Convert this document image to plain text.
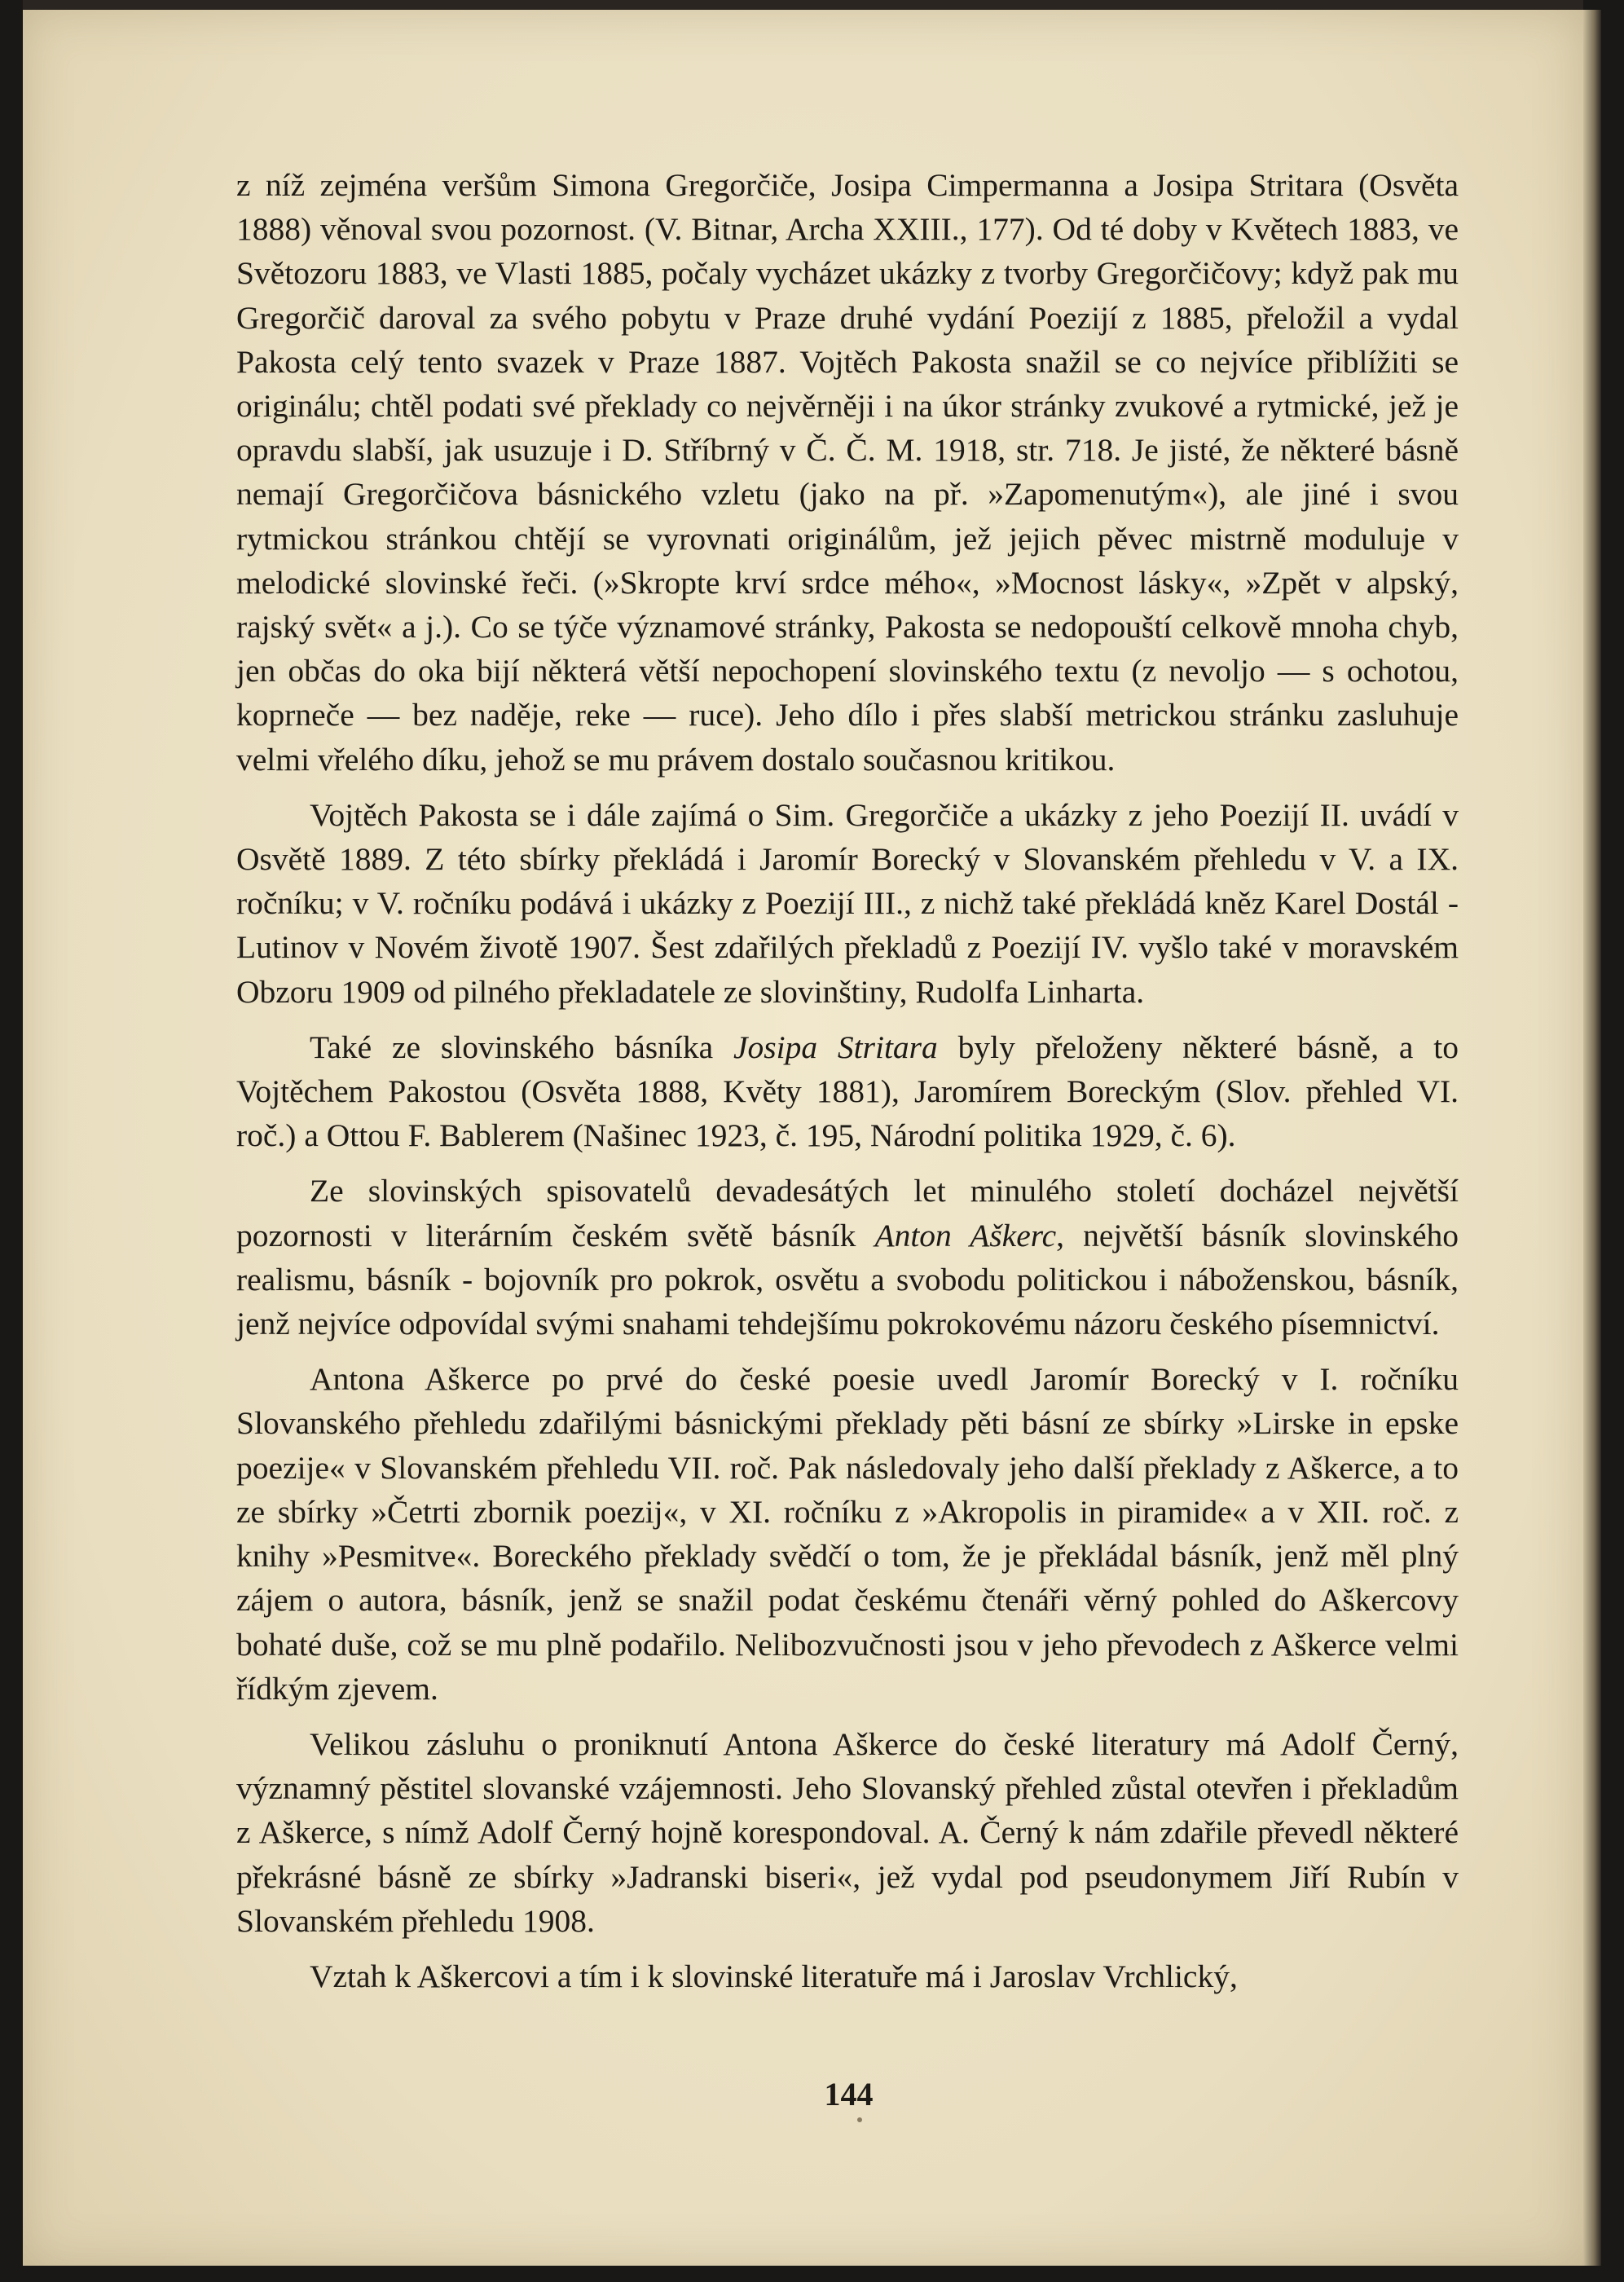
z níž zejména veršům Simona Gregorčiče, Josipa Cimpermanna a Josipa Stritara (Osvěta 1888) věnoval svou pozornost. (V. Bitnar, Archa XXIII., 177). Od té doby v Květech 1883, ve Světozoru 1883, ve Vlasti 1885, počaly vycházet ukázky z tvorby Gregorčičovy; když pak mu Gregorčič daroval za svého pobytu v Praze druhé vydání Poezijí z 1885, přeložil a vydal Pakosta celý tento svazek v Praze 1887. Vojtěch Pakosta snažil se co nejvíce přiblížiti se originálu; chtěl podati své překlady co nejvěrněji i na úkor stránky zvukové a rytmické, jež je opravdu slabší, jak usuzuje i D. Stříbrný v Č. Č. M. 1918, str. 718. Je jisté, že některé básně nemají Gregorčičova básnického vzletu (jako na př. »Zapomenutým«), ale jiné i svou rytmickou stránkou chtějí se vyrovnati originálům, jež jejich pěvec mistrně moduluje v melodické slovinské řeči. (»Skropte krví srdce mého«, »Mocnost lásky«, »Zpět v alpský, rajský svět« a j.). Co se týče významové stránky, Pakosta se nedopouští celkově mnoha chyb, jen občas do oka bijí některá větší nepochopení slovinského textu (z nevoljo — s ochotou, koprneče — bez naděje, reke — ruce). Jeho dílo i přes slabší metrickou stránku zasluhuje velmi vřelého díku, jehož se mu právem dostalo současnou kritikou.

Vojtěch Pakosta se i dále zajímá o Sim. Gregorčiče a ukázky z jeho Poezijí II. uvádí v Osvětě 1889. Z této sbírky překládá i Jaromír Borecký v Slovanském přehledu v V. a IX. ročníku; v V. ročníku podává i ukázky z Poezijí III., z nichž také překládá kněz Karel Dostál - Lutinov v Novém životě 1907. Šest zdařilých překladů z Poezijí IV. vyšlo také v moravském Obzoru 1909 od pilného překladatele ze slovinštiny, Rudolfa Linharta.

Také ze slovinského básníka Josipa Stritara byly přeloženy některé básně, a to Vojtěchem Pakostou (Osvěta 1888, Květy 1881), Jaromírem Boreckým (Slov. přehled VI. roč.) a Ottou F. Bablerem (Našinec 1923, č. 195, Národní politika 1929, č. 6).

Ze slovinských spisovatelů devadesátých let minulého století docházel největší pozornosti v literárním českém světě básník Anton Aškerc, největší básník slovinského realismu, básník - bojovník pro pokrok, osvětu a svobodu politickou i náboženskou, básník, jenž nejvíce odpovídal svými snahami tehdejšímu pokrokovému názoru českého písemnictví.

Antona Aškerce po prvé do české poesie uvedl Jaromír Borecký v I. ročníku Slovanského přehledu zdařilými básnickými překlady pěti básní ze sbírky »Lirske in epske poezije« v Slovanském přehledu VII. roč. Pak následovaly jeho další překlady z Aškerce, a to ze sbírky »Četrti zbornik poezij«, v XI. ročníku z »Akropolis in piramide« a v XII. roč. z knihy »Pesmitve«. Boreckého překlady svědčí o tom, že je překládal básník, jenž měl plný zájem o autora, básník, jenž se snažil podat českému čtenáři věrný pohled do Aškercovy bohaté duše, což se mu plně podařilo. Nelibozvučnosti jsou v jeho převodech z Aškerce velmi řídkým zjevem.

Velikou zásluhu o proniknutí Antona Aškerce do české literatury má Adolf Černý, významný pěstitel slovanské vzájemnosti. Jeho Slovanský přehled zůstal otevřen i překladům z Aškerce, s nímž Adolf Černý hojně korespondoval. A. Černý k nám zdařile převedl některé překrásné básně ze sbírky »Jadranski biseri«, jež vydal pod pseudonymem Jiří Rubín v Slovanském přehledu 1908.

Vztah k Aškercovi a tím i k slovinské literatuře má i Jaroslav Vrchlický,

144
